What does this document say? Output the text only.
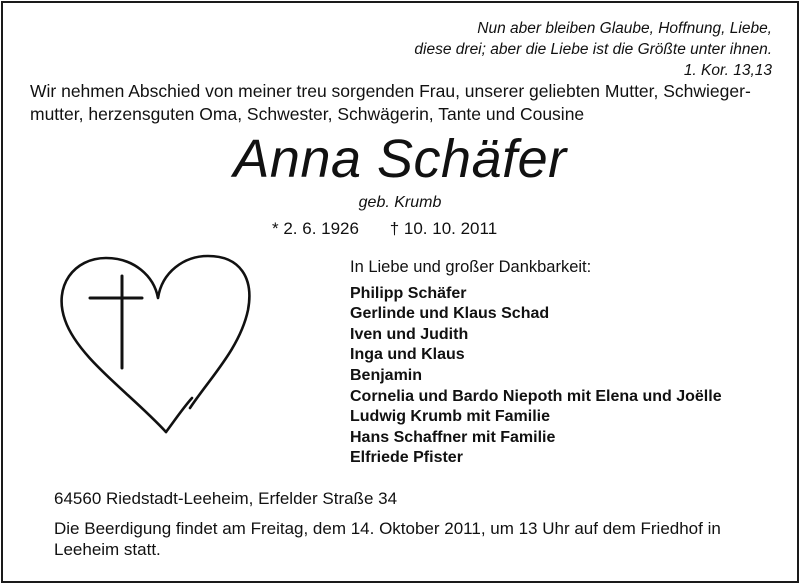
Nun aber bleiben Glaube, Hoffnung, Liebe,
diese drei; aber die Liebe ist die Größte unter ihnen.
1. Kor. 13,13
Wir nehmen Abschied von meiner treu sorgenden Frau, unserer geliebten Mutter, Schwieger-
mutter, herzensguten Oma, Schwester, Schwägerin, Tante und Cousine
Anna Schäfer
geb. Krumb
* 2. 6. 1926 † 10. 10. 2011
In Liebe und großer Dankbarkeit:
Philipp Schäfer
Gerlinde und Klaus Schad
Iven und Judith
Inga und Klaus
Benjamin
Cornelia und Bardo Niepoth mit Elena und Joëlle
Ludwig Krumb mit Familie
Hans Schaffner mit Familie
Elfriede Pfister
64560 Riedstadt-Leeheim, Erfelder Straße 34
Die Beerdigung findet am Freitag, dem 14. Oktober 2011, um 13 Uhr auf dem Friedhof in
Leeheim statt.
